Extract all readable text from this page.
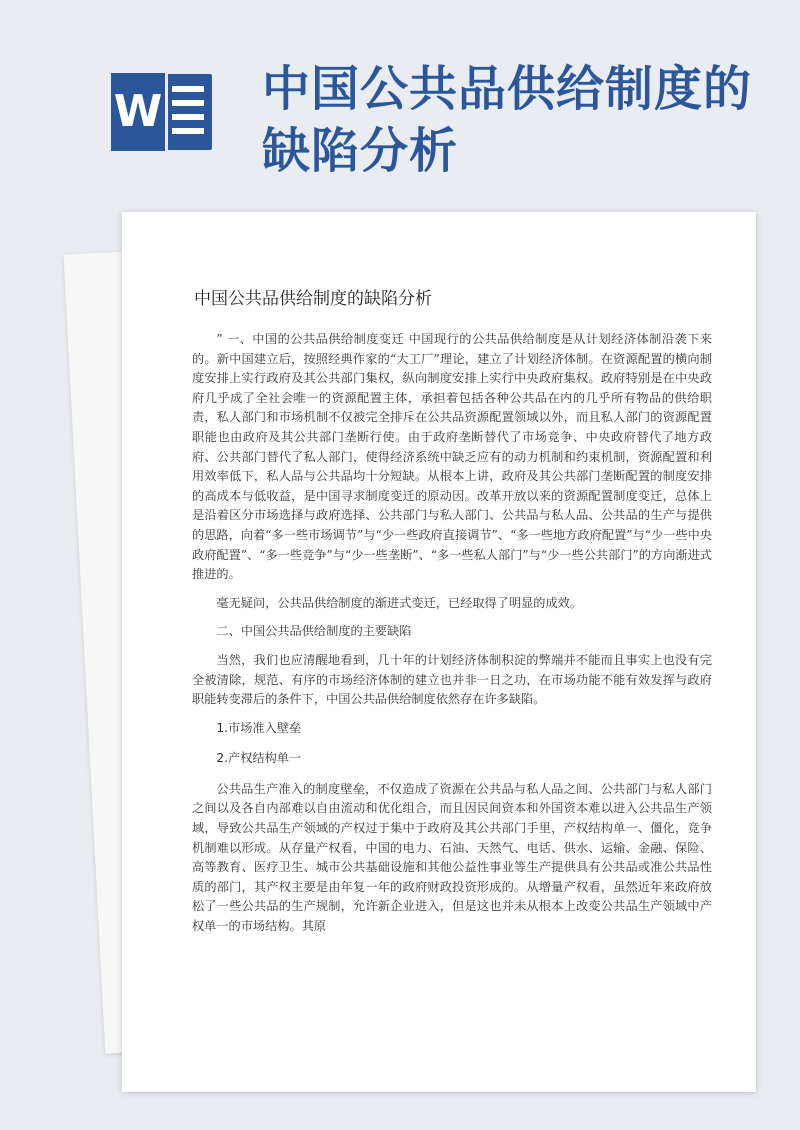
W 中国公共品供给制度的缺陷分析
中国公共品供给制度的缺陷分析

” 一、中国的公共品供给制度变迁 中国现行的公共品供给制度是从计划经济体制沿袭下来的。新中国建立后，按照经典作家的“大工厂”理论，建立了计划经济体制。在资源配置的横向制度安排上实行政府及其公共部门集权，纵向制度安排上实行中央政府集权。政府特别是在中央政府几乎成了全社会唯一的资源配置主体，承担着包括各种公共品在内的几乎所有物品的供给职责，私人部门和市场机制不仅被完全排斥在公共品资源配置领域以外，而且私人部门的资源配置职能也由政府及其公共部门垄断行使。由于政府垄断替代了市场竞争、中央政府替代了地方政府、公共部门替代了私人部门，使得经济系统中缺乏应有的动力机制和约束机制，资源配置和利用效率低下，私人品与公共品均十分短缺。从根本上讲，政府及其公共部门垄断配置的制度安排的高成本与低收益，是中国寻求制度变迁的原动因。改革开放以来的资源配置制度变迁，总体上是沿着区分市场选择与政府选择、公共部门与私人部门、公共品与私人品、公共品的生产与提供的思路，向着“多一些市场调节”与“少一些政府直接调节”、“多一些地方政府配置”与“少一些中央政府配置”、“多一些竞争”与“少一些垄断”、“多一些私人部门”与“少一些公共部门”的方向渐进式推进的。

毫无疑问，公共品供给制度的渐进式变迁，已经取得了明显的成效。

二、中国公共品供给制度的主要缺陷

当然，我们也应清醒地看到，几十年的计划经济体制积淀的弊端并不能而且事实上也没有完全被清除，规范、有序的市场经济体制的建立也并非一日之功，在市场功能不能有效发挥与政府职能转变滞后的条件下，中国公共品供给制度依然存在许多缺陷。

1.市场准入壁垒

2.产权结构单一

公共品生产准入的制度壁垒，不仅造成了资源在公共品与私人品之间、公共部门与私人部门之间以及各自内部难以自由流动和优化组合，而且因民间资本和外国资本难以进入公共品生产领域，导致公共品生产领域的产权过于集中于政府及其公共部门手里，产权结构单一、僵化，竞争机制难以形成。从存量产权看，中国的电力、石油、天然气、电话、供水、运输、金融、保险、高等教育、医疗卫生、城市公共基础设施和其他公益性事业等生产提供具有公共品或准公共品性质的部门，其产权主要是由年复一年的政府财政投资形成的。从增量产权看，虽然近年来政府放松了一些公共品的生产规制，允许新企业进入，但是这也并未从根本上改变公共品生产领域中产权单一的市场结构。其原
